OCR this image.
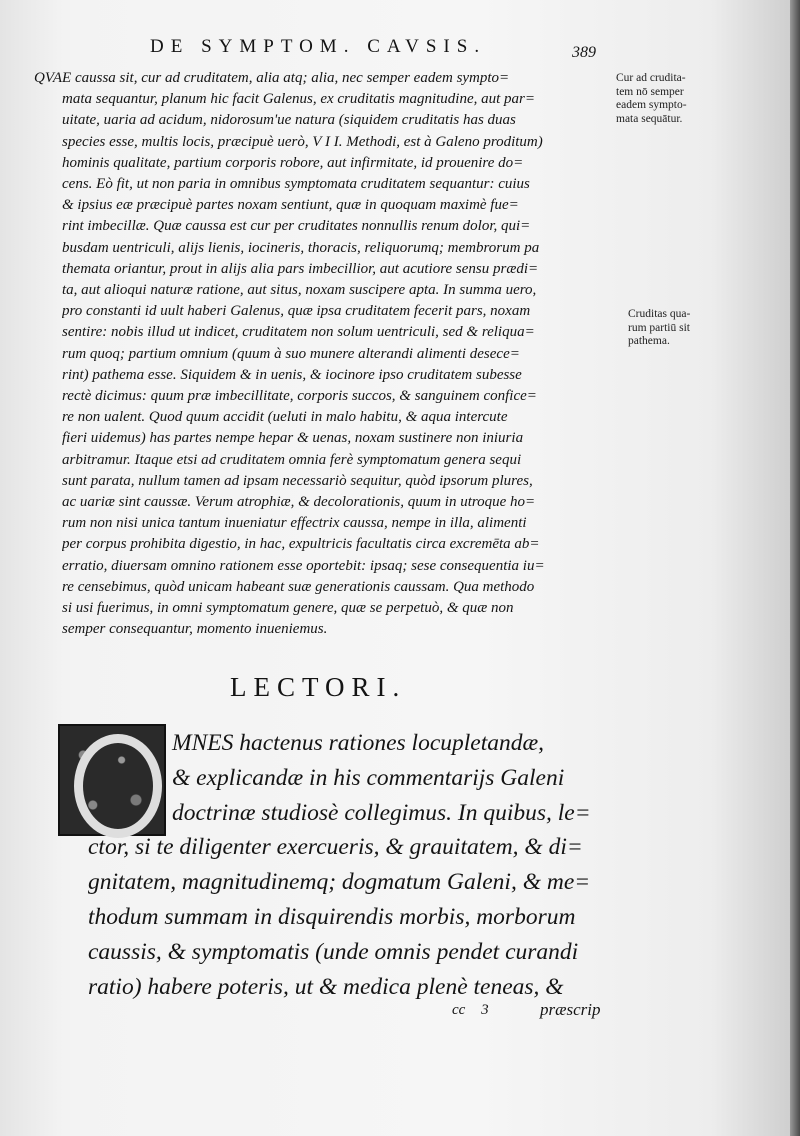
DE SYMPTOM. CAVSIS.	389
QVAE caussa sit, cur ad cruditatem, alia atq; alia, nec semper eadem sympto=
mata sequantur, planum hic facit Galenus, ex cruditatis magnitudine, aut par=
uitate, uaria ad acidum, nidorosum'ue natura (siquidem cruditatis has duas
species esse, multis locis, præcipuè uerò, V I I. Methodi, est à Galeno proditum)
hominis qualitate, partium corporis robore, aut infirmitate, id prouenire do=
cens. Eò fit, ut non paria in omnibus symptomata cruditatem sequantur: cuius
& ipsius eæ præcipuè partes noxam sentiunt, quæ in quoquam maximè fue=
rint imbecillæ. Quæ caussa est cur per cruditates nonnullis renum dolor, qui=
busdam uentriculi, alijs lienis, iocineris, thoracis, reliquorumq; membrorum pa
themata oriantur, prout in alijs alia pars imbecillior, aut acutiore sensu prædi=
ta, aut alioqui naturæ ratione, aut situs, noxam suscipere apta. In summa uero,
pro constanti id uult haberi Galenus, quæ ipsa cruditatem fecerit pars, noxam
sentire: nobis illud ut indicet, cruditatem non solum uentriculi, sed & reliqua=
rum quoq; partium omnium (quum à suo munere alterandi alimenti desece=
rint) pathema esse. Siquidem & in uenis, & iocinore ipso cruditatem subesse
rectè dicimus: quum præ imbecillitate, corporis succos, & sanguinem confice=
re non ualent. Quod quum accidit (ueluti in malo habitu, & aqua intercute
fieri uidemus) has partes nempe hepar & uenas, noxam sustinere non iniuria
arbitramur. Itaque etsi ad cruditatem omnia ferè symptomatum genera sequi
sunt parata, nullum tamen ad ipsam necessariò sequitur, quòd ipsorum plures,
ac uariæ sint caussæ. Verum atrophiæ, & decolorationis, quum in utroque ho=
rum non nisi unica tantum inueniatur effectrix caussa, nempe in illa, alimenti
per corpus prohibita digestio, in hac, expultricis facultatis circa excremēta ab=
erratio, diuersam omnino rationem esse oportebit: ipsaq; sese consequentia iu=
re censebimus, quòd unicam habeant suæ generationis caussam. Qua methodo
si usi fuerimus, in omni symptomatum genere, quæ se perpetuò, & quæ non
semper consequantur, momento inueniemus.
Cur ad crudita-
tem nō semper
eadem sympto-
mata sequātur.
Cruditas qua-
rum partiū sit
pathema.
LECTORI.
MNES hactenus rationes locupletandæ,
& explicandæ in his commentarijs Galeni
doctrinæ studiosè collegimus. In quibus, le=
ctor, si te diligenter exercueris, & grauitatem, & di=
gnitatem, magnitudinemq; dogmatum Galeni, & me=
thodum summam in disquirendis morbis, morborum
caussis, & symptomatis (unde omnis pendet curandi
ratio) habere poteris, ut & medica plenè teneas, &
cc 3	præscrip
